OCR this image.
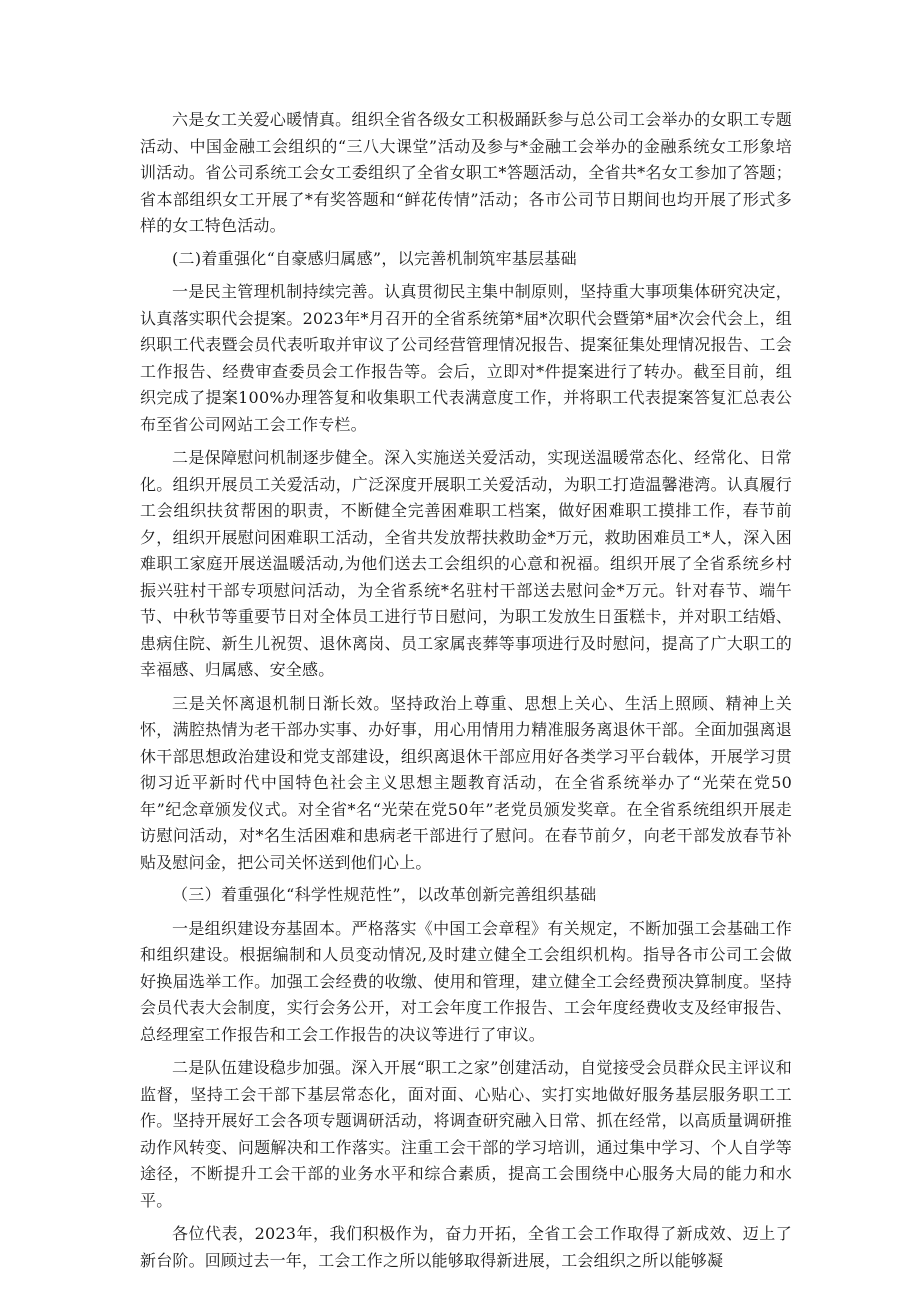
六是女工关爱心暖情真。组织全省各级女工积极踊跃参与总公司工会举办的女职工专题活动、中国金融工会组织的“三八大课堂”活动及参与*金融工会举办的金融系统女工形象培训活动。省公司系统工会女工委组织了全省女职工*答题活动，全省共*名女工参加了答题；省本部组织女工开展了*有奖答题和“鲜花传情”活动；各市公司节日期间也均开展了形式多样的女工特色活动。

(二)着重强化“自豪感归属感”，以完善机制筑牢基层基础

一是民主管理机制持续完善。认真贯彻民主集中制原则，坚持重大事项集体研究决定，认真落实职代会提案。2023年*月召开的全省系统第*届*次职代会暨第*届*次会代会上，组织职工代表暨会员代表听取并审议了公司经营管理情况报告、提案征集处理情况报告、工会工作报告、经费审查委员会工作报告等。会后，立即对*件提案进行了转办。截至目前，组织完成了提案100%办理答复和收集职工代表满意度工作，并将职工代表提案答复汇总表公布至省公司网站工会工作专栏。

二是保障慰问机制逐步健全。深入实施送关爱活动，实现送温暖常态化、经常化、日常化。组织开展员工关爱活动，广泛深度开展职工关爱活动，为职工打造温馨港湾。认真履行工会组织扶贫帮困的职责，不断健全完善困难职工档案，做好困难职工摸排工作，春节前夕，组织开展慰问困难职工活动，全省共发放帮扶救助金*万元，救助困难员工*人，深入困难职工家庭开展送温暖活动,为他们送去工会组织的心意和祝福。组织开展了全省系统乡村振兴驻村干部专项慰问活动，为全省系统*名驻村干部送去慰问金*万元。针对春节、端午节、中秋节等重要节日对全体员工进行节日慰问，为职工发放生日蛋糕卡，并对职工结婚、患病住院、新生儿祝贺、退休离岗、员工家属丧葬等事项进行及时慰问，提高了广大职工的幸福感、归属感、安全感。

三是关怀离退机制日渐长效。坚持政治上尊重、思想上关心、生活上照顾、精神上关怀，满腔热情为老干部办实事、办好事，用心用情用力精准服务离退休干部。全面加强离退休干部思想政治建设和党支部建设，组织离退休干部应用好各类学习平台载体，开展学习贯彻习近平新时代中国特色社会主义思想主题教育活动，在全省系统举办了“光荣在党50年”纪念章颁发仪式。对全省*名“光荣在党50年”老党员颁发奖章。在全省系统组织开展走访慰问活动，对*名生活困难和患病老干部进行了慰问。在春节前夕，向老干部发放春节补贴及慰问金，把公司关怀送到他们心上。

（三）着重强化“科学性规范性”，以改革创新完善组织基础

一是组织建设夯基固本。严格落实《中国工会章程》有关规定，不断加强工会基础工作和组织建设。根据编制和人员变动情况,及时建立健全工会组织机构。指导各市公司工会做好换届选举工作。加强工会经费的收缴、使用和管理，建立健全工会经费预决算制度。坚持会员代表大会制度，实行会务公开，对工会年度工作报告、工会年度经费收支及经审报告、总经理室工作报告和工会工作报告的决议等进行了审议。

二是队伍建设稳步加强。深入开展“职工之家”创建活动，自觉接受会员群众民主评议和监督，坚持工会干部下基层常态化，面对面、心贴心、实打实地做好服务基层服务职工工作。坚持开展好工会各项专题调研活动，将调查研究融入日常、抓在经常，以高质量调研推动作风转变、问题解决和工作落实。注重工会干部的学习培训，通过集中学习、个人自学等途径，不断提升工会干部的业务水平和综合素质，提高工会围绕中心服务大局的能力和水平。

各位代表，2023年，我们积极作为，奋力开拓，全省工会工作取得了新成效、迈上了新台阶。回顾过去一年，工会工作之所以能够取得新进展，工会组织之所以能够凝
